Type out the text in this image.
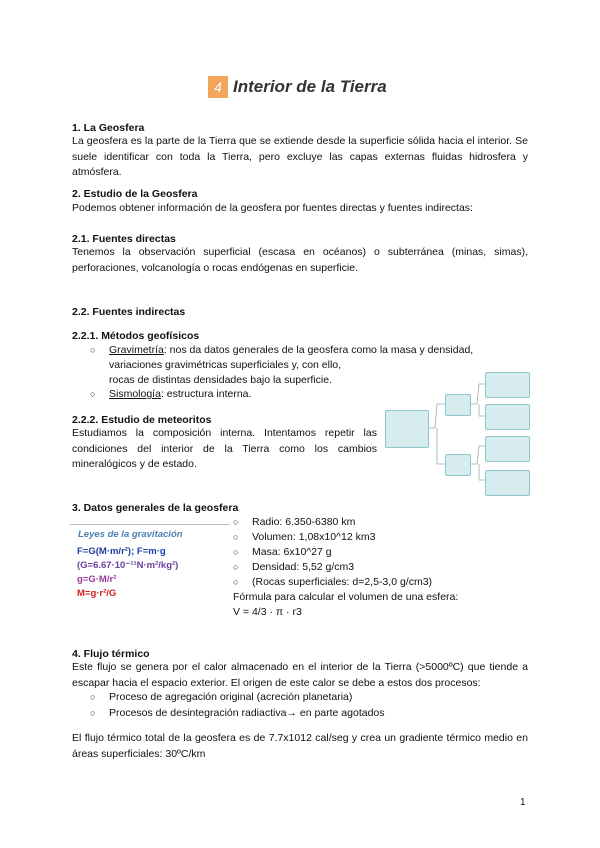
4 Interior de la Tierra
1. La Geosfera
La geosfera es la parte de la Tierra que se extiende desde la superficie sólida hacia el interior. Se suele identificar con toda la Tierra, pero excluye las capas externas fluidas hidrosfera y atmósfera.
2. Estudio de la Geosfera
Podemos obtener información de la geosfera por fuentes directas y fuentes indirectas:
2.1. Fuentes directas
Tenemos la observación superficial (escasa en océanos) o subterránea (minas, simas), perforaciones, volcanología o rocas endógenas en superficie.
2.2. Fuentes indirectas
2.2.1. Métodos geofísicos
○ Gravimetría: nos da datos generales de la geosfera como la masa y densidad,
variaciones gravimétricas superficiales y, con ello,
rocas de distintas densidades bajo la superficie.
○ Sismología: estructura interna.
2.2.2. Estudio de meteoritos
Estudiamos la composición interna. Intentamos repetir las condiciones del interior de la Tierra como los cambios mineralógicos y de estado.
3. Datos generales de la geosfera
Leyes de la gravitación
F=G(M·m/r²); F=m·g
(G=6.67·10⁻¹¹N·m²/kg²)
g=G·M/r²
M=g·r²/G
○ Radio: 6.350-6380 km
○ Volumen: 1,08x10^12 km3
○ Masa: 6x10^27 g
○ Densidad: 5,52 g/cm3
○ (Rocas superficiales: d=2,5-3,0 g/cm3)
Fórmula para calcular el volumen de una esfera:
V = 4/3 · π · r3
4. Flujo térmico
Este flujo se genera por el calor almacenado en el interior de la Tierra (>5000ºC) que tiende a escapar hacia el espacio exterior. El origen de este calor se debe a estos dos procesos:
○ Proceso de agregación original (acreción planetaria)
○ Procesos de desintegración radiactiva→ en parte agotados
El flujo térmico total de la geosfera es de 7.7x1012 cal/seg y crea un gradiente térmico medio en áreas superficiales: 30ºC/km
1
